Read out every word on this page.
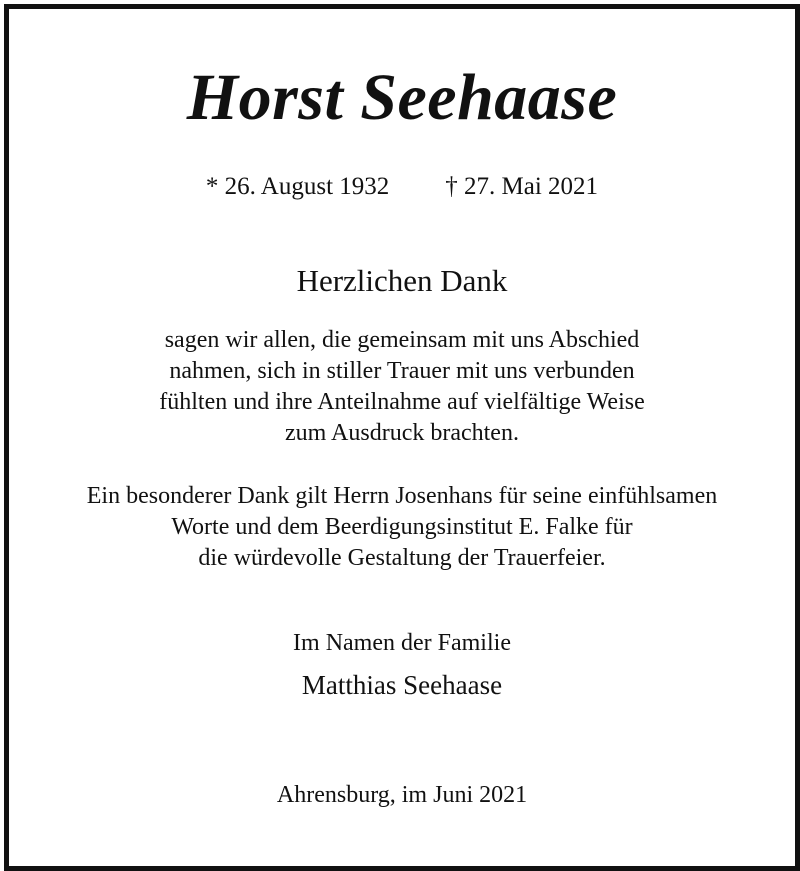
Horst Seehaase
* 26. August 1932 † 27. Mai 2021
Herzlichen Dank
sagen wir allen, die gemeinsam mit uns Abschied
nahmen, sich in stiller Trauer mit uns verbunden
fühlten und ihre Anteilnahme auf vielfältige Weise
zum Ausdruck brachten.
Ein besonderer Dank gilt Herrn Josenhans für seine einfühlsamen
Worte und dem Beerdigungsinstitut E. Falke für
die würdevolle Gestaltung der Trauerfeier.
Im Namen der Familie
Matthias Seehaase
Ahrensburg, im Juni 2021
